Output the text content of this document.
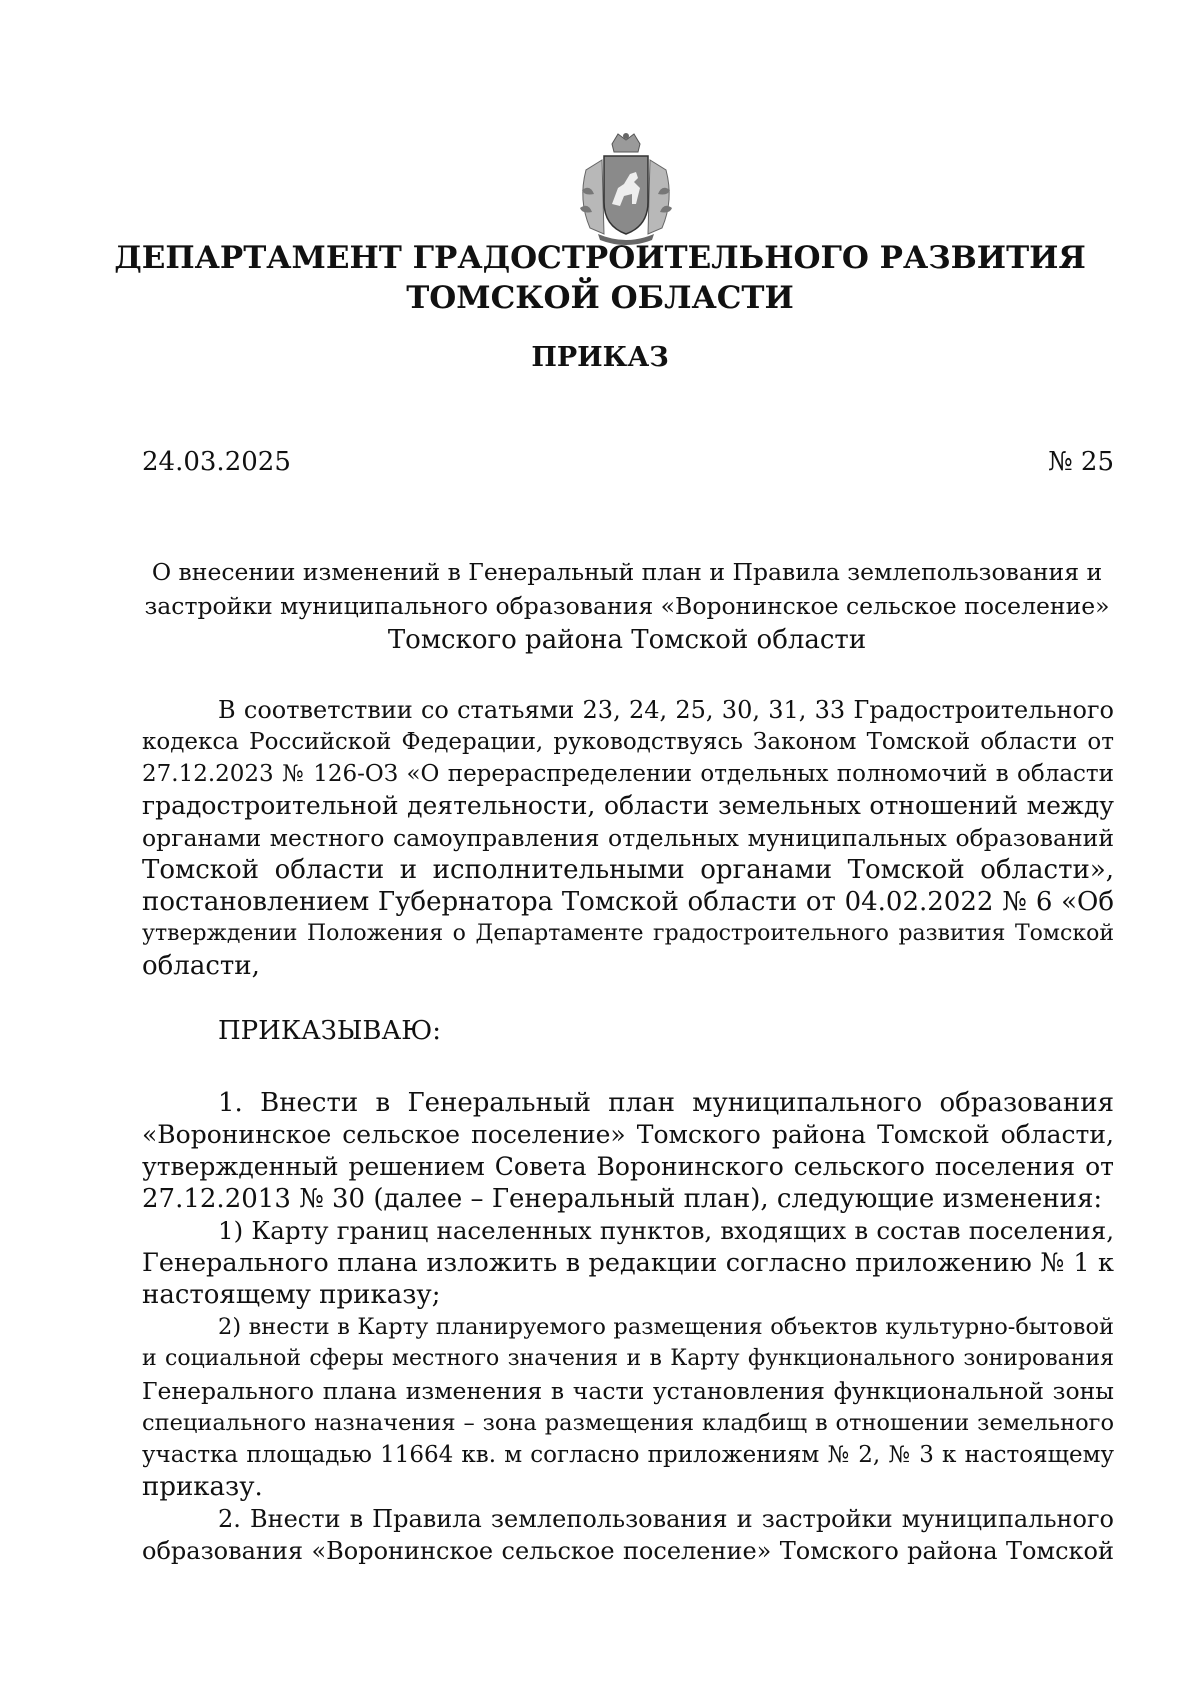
ДЕПАРТАМЕНТ ГРАДОСТРОИТЕЛЬНОГО РАЗВИТИЯ
ТОМСКОЙ ОБЛАСТИ
ПРИКАЗ
24.03.2025	№ 25
О внесении изменений в Генеральный план и Правила землепользования и
застройки муниципального образования «Воронинское сельское поселение»
Томского района Томской области
В соответствии со статьями 23, 24, 25, 30, 31, 33 Градостроительного
кодекса Российской Федерации, руководствуясь Законом Томской области от
27.12.2023 № 126-ОЗ «О перераспределении отдельных полномочий в области
градостроительной деятельности, области земельных отношений между
органами местного самоуправления отдельных муниципальных образований
Томской области и исполнительными органами Томской области»,
постановлением Губернатора Томской области от 04.02.2022 № 6 «Об
утверждении Положения о Департаменте градостроительного развития Томской
области,
ПРИКАЗЫВАЮ:
1. Внести в Генеральный план муниципального образования
«Воронинское сельское поселение» Томского района Томской области,
утвержденный решением Совета Воронинского сельского поселения от
27.12.2013 № 30 (далее – Генеральный план), следующие изменения:
1) Карту границ населенных пунктов, входящих в состав поселения,
Генерального плана изложить в редакции согласно приложению № 1 к
настоящему приказу;
2) внести в Карту планируемого размещения объектов культурно-бытовой
и социальной сферы местного значения и в Карту функционального зонирования
Генерального плана изменения в части установления функциональной зоны
специального назначения – зона размещения кладбищ в отношении земельного
участка площадью 11664 кв. м согласно приложениям № 2, № 3 к настоящему
приказу.
2. Внести в Правила землепользования и застройки муниципального
образования «Воронинское сельское поселение» Томского района Томской
